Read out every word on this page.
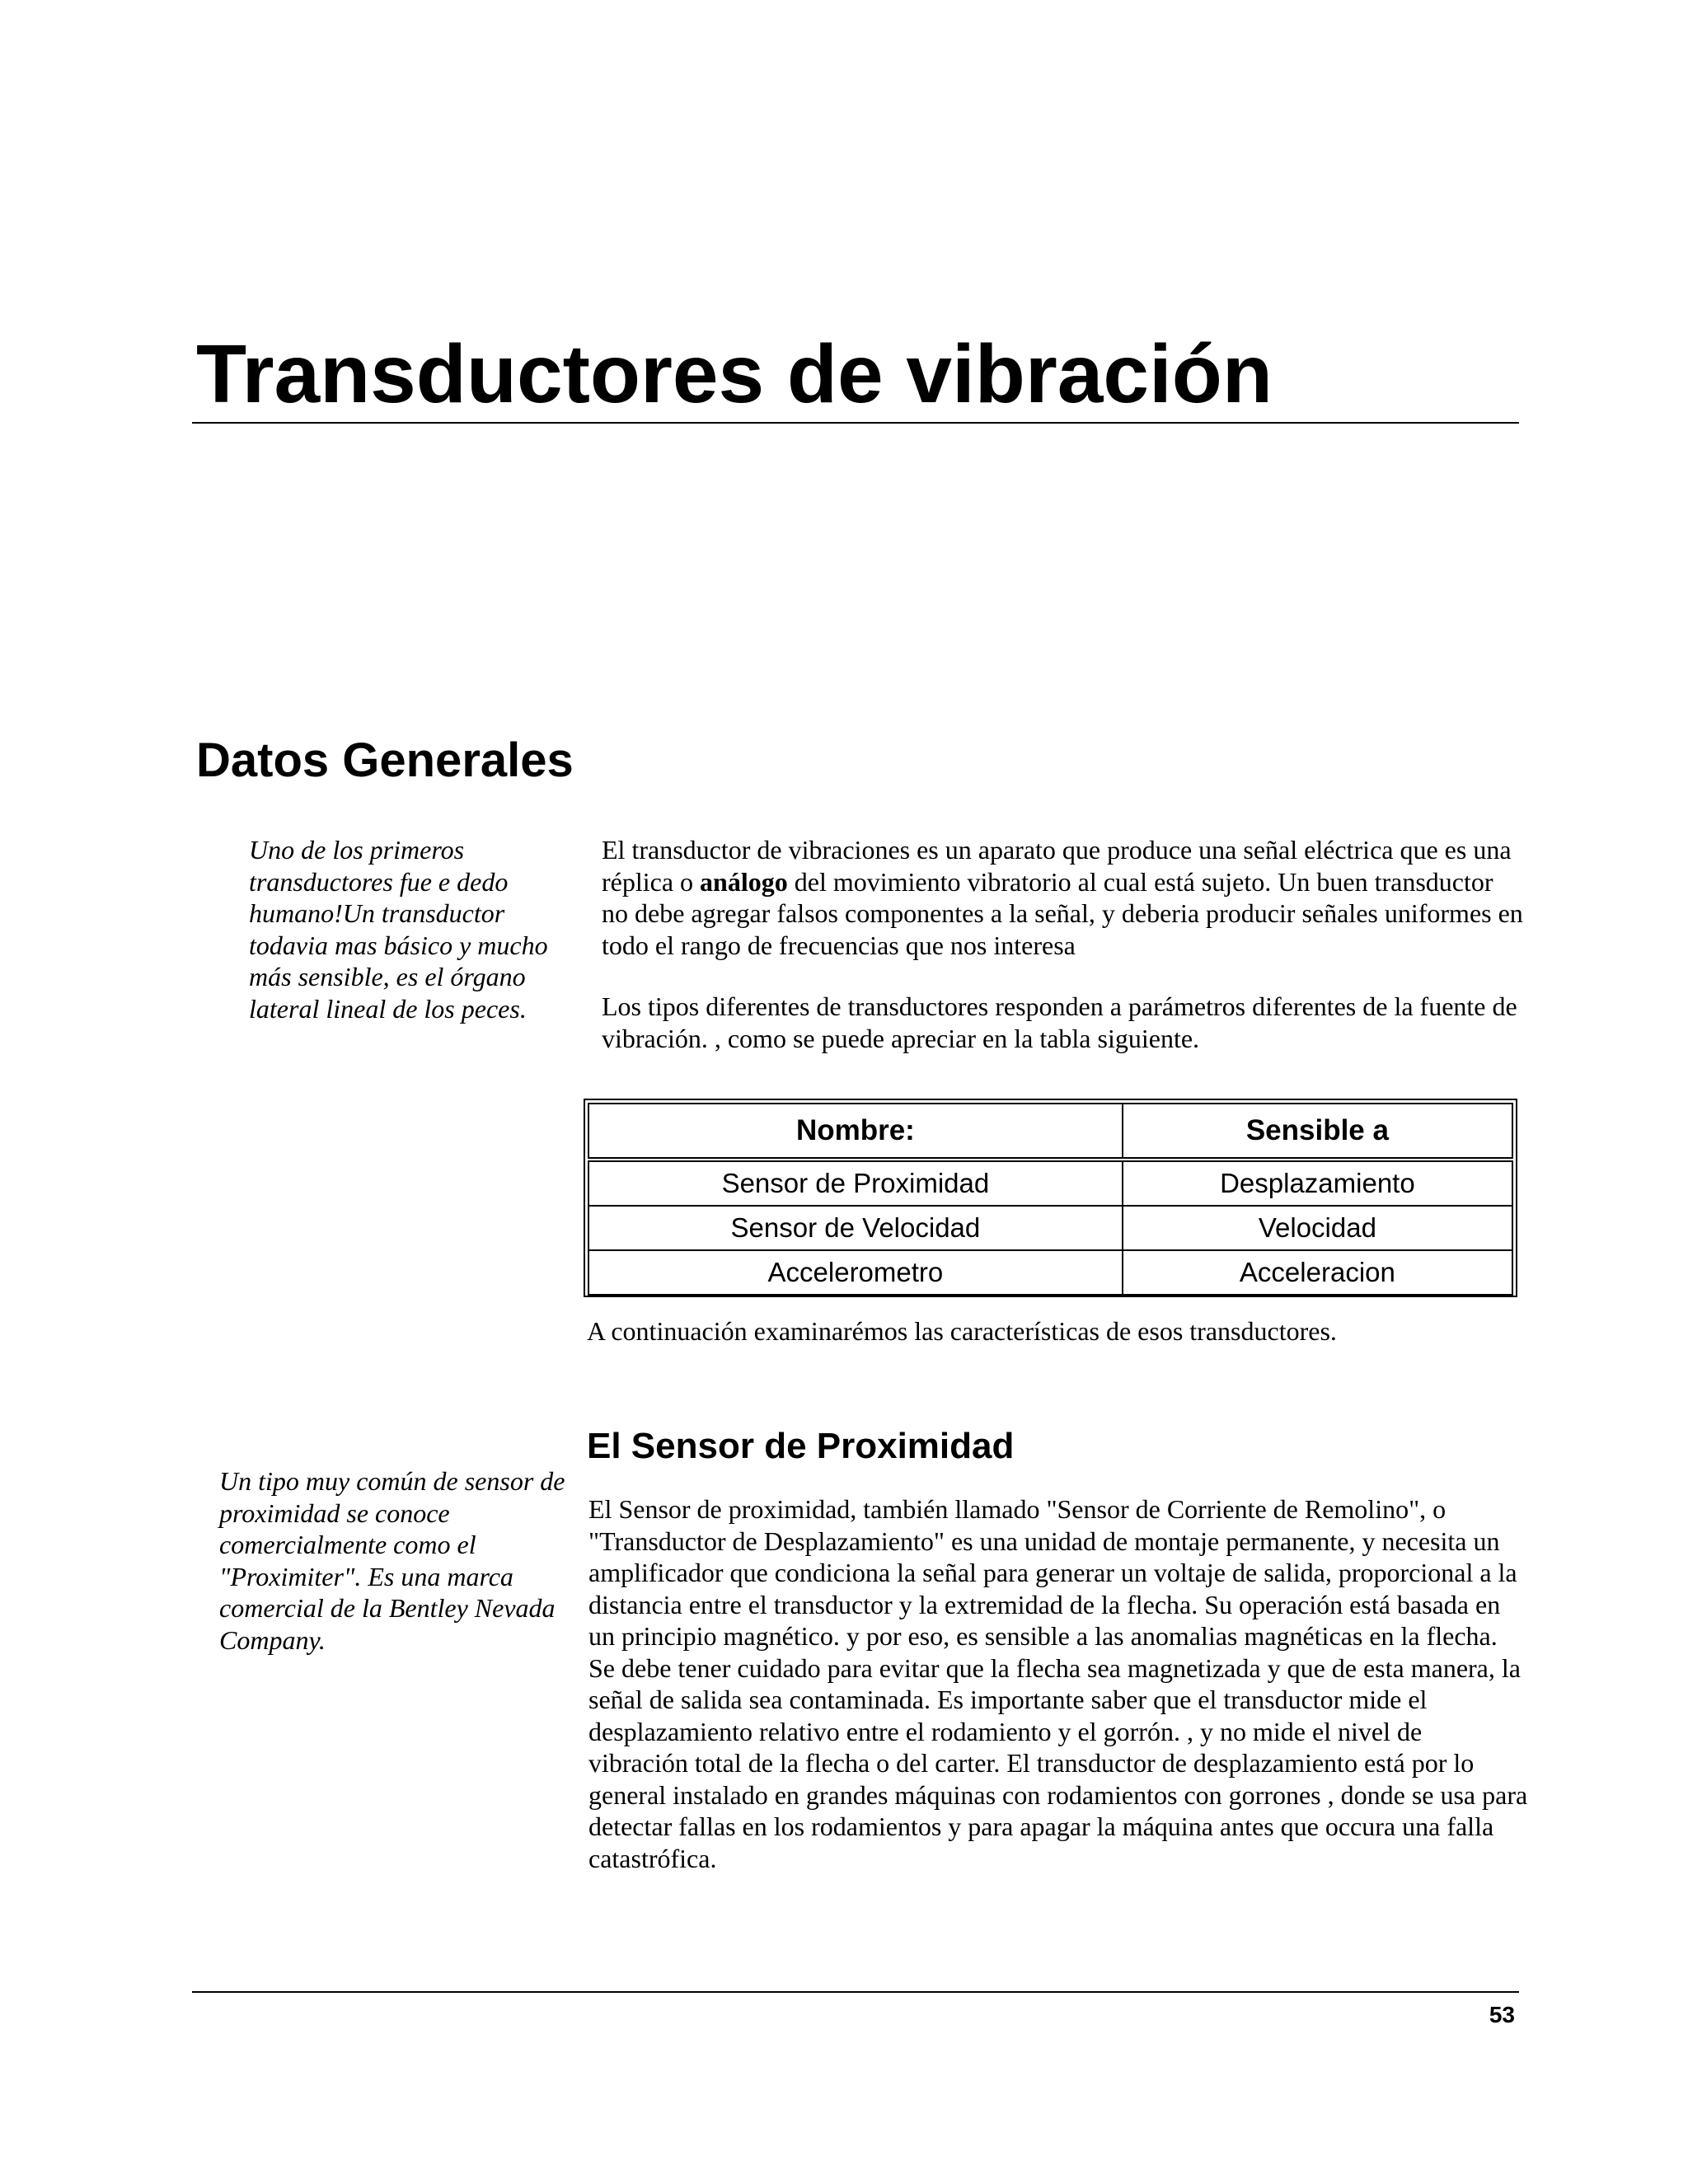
Transductores de vibración
Datos Generales

Uno de los primeros transductores fue e dedo humano!Un transductor todavia mas básico y mucho más sensible, es el órgano lateral lineal de los peces.

El transductor de vibraciones es un aparato que produce una señal eléctrica que es una réplica o análogo del movimiento vibratorio al cual está sujeto. Un buen transductor no debe agregar falsos componentes a la señal, y deberia producir señales uniformes en todo el rango de frecuencias que nos interesa

Los tipos diferentes de transductores responden a parámetros diferentes de la fuente de vibración. , como se puede apreciar en la tabla siguiente.

Nombre:	Sensible a
Sensor de Proximidad	Desplazamiento
Sensor de Velocidad	Velocidad
Accelerometro	Acceleracion

A continuación examinarémos las características de esos transductores.

El Sensor de Proximidad

Un tipo muy común de sensor de proximidad se conoce comercialmente como el "Proximiter". Es una marca comercial de la Bentley Nevada Company.

El Sensor de proximidad, también llamado "Sensor de Corriente de Remolino", o "Transductor de Desplazamiento" es una unidad de montaje permanente, y necesita un amplificador que condiciona la señal para generar un voltaje de salida, proporcional a la distancia entre el transductor y la extremidad de la flecha. Su operación está basada en un principio magnético. y por eso, es sensible a las anomalias magnéticas en la flecha. Se debe tener cuidado para evitar que la flecha sea magnetizada y que de esta manera, la señal de salida sea contaminada. Es importante saber que el transductor mide el desplazamiento relativo entre el rodamiento y el gorrón. , y no mide el nivel de vibración total de la flecha o del carter. El transductor de desplazamiento está por lo general instalado en grandes máquinas con rodamientos con gorrones , donde se usa para detectar fallas en los rodamientos y para apagar la máquina antes que occura una falla catastrófica.

53
